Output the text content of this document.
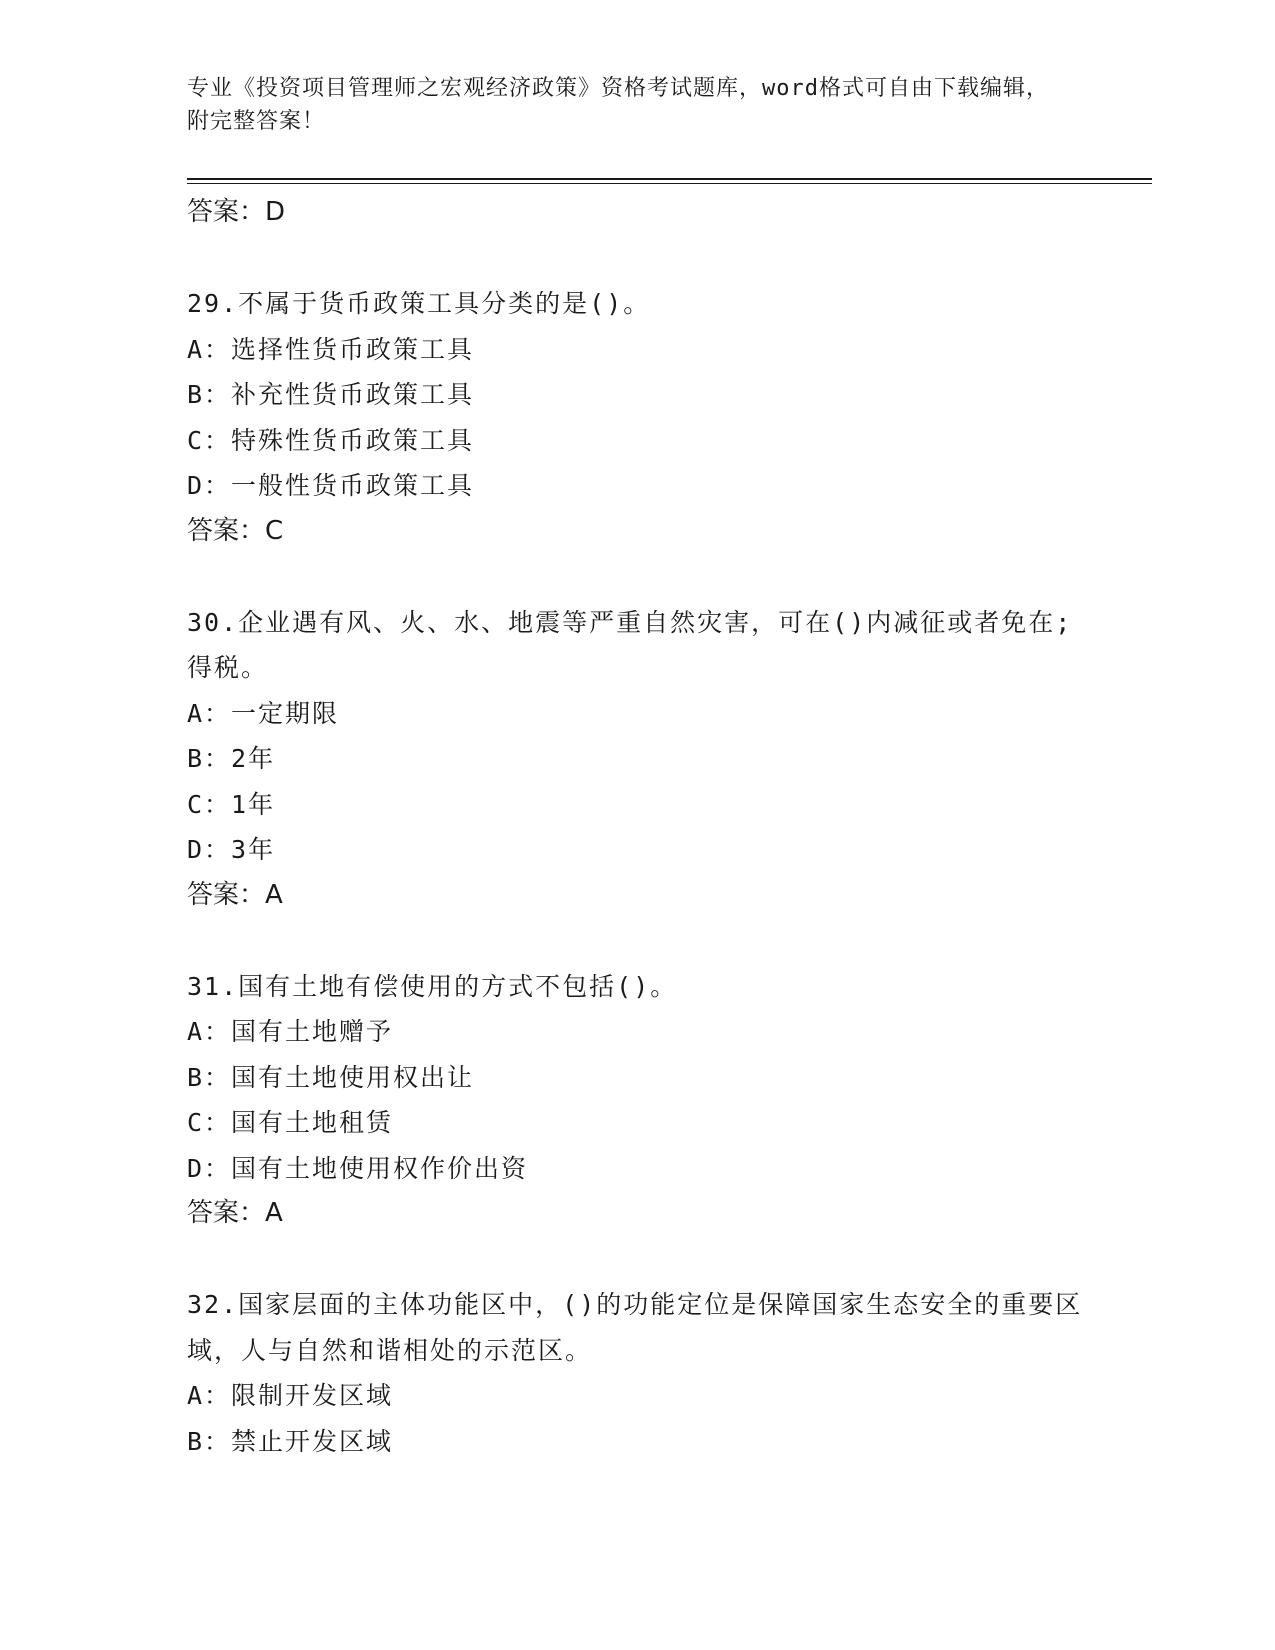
专业《投资项目管理师之宏观经济政策》资格考试题库，word格式可自由下载编辑，附完整答案！
答案：D
29.不属于货币政策工具分类的是()。
A：选择性货币政策工具
B：补充性货币政策工具
C：特殊性货币政策工具
D：一般性货币政策工具
答案：C
30.企业遇有风、火、水、地震等严重自然灾害，可在()内减征或者免在;得税。
A：一定期限
B：2年
C：1年
D：3年
答案：A
31.国有土地有偿使用的方式不包括()。
A：国有土地赠予
B：国有土地使用权出让
C：国有土地租赁
D：国有土地使用权作价出资
答案：A
32.国家层面的主体功能区中，()的功能定位是保障国家生态安全的重要区域，人与自然和谐相处的示范区。
A：限制开发区域
B：禁止开发区域
